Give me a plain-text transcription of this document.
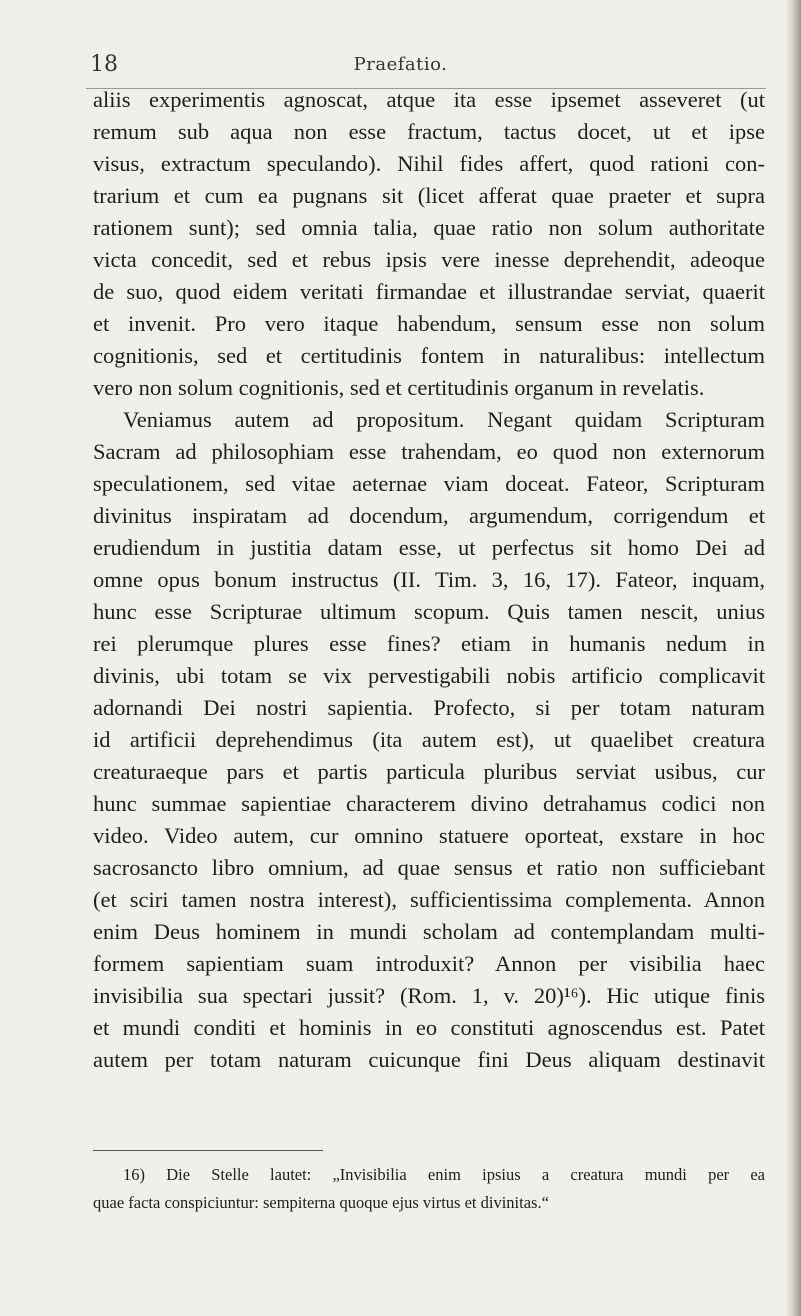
18	Praefatio.
aliis experimentis agnoscat, atque ita esse ipsemet asseveret (ut
remum sub aqua non esse fractum, tactus docet, ut et ipse
visus, extractum speculando). Nihil fides affert, quod rationi con-
trarium et cum ea pugnans sit (licet afferat quae praeter et supra
rationem sunt); sed omnia talia, quae ratio non solum authoritate
victa concedit, sed et rebus ipsis vere inesse deprehendit, adeoque
de suo, quod eidem veritati firmandae et illustrandae serviat, quaerit
et invenit. Pro vero itaque habendum, sensum esse non solum
cognitionis, sed et certitudinis fontem in naturalibus: intellectum
vero non solum cognitionis, sed et certitudinis organum in revelatis.
Veniamus autem ad propositum. Negant quidam Scripturam
Sacram ad philosophiam esse trahendam, eo quod non externorum
speculationem, sed vitae aeternae viam doceat. Fateor, Scripturam
divinitus inspiratam ad docendum, argumendum, corrigendum et
erudiendum in justitia datam esse, ut perfectus sit homo Dei ad
omne opus bonum instructus (II. Tim. 3, 16, 17). Fateor, inquam,
hunc esse Scripturae ultimum scopum. Quis tamen nescit, unius
rei plerumque plures esse fines? etiam in humanis nedum in
divinis, ubi totam se vix pervestigabili nobis artificio complicavit
adornandi Dei nostri sapientia. Profecto, si per totam naturam
id artificii deprehendimus (ita autem est), ut quaelibet creatura
creaturaeque pars et partis particula pluribus serviat usibus, cur
hunc summae sapientiae characterem divino detrahamus codici non
video. Video autem, cur omnino statuere oporteat, exstare in hoc
sacrosancto libro omnium, ad quae sensus et ratio non sufficiebant
(et sciri tamen nostra interest), sufficientissima complementa. Annon
enim Deus hominem in mundi scholam ad contemplandam multi-
formem sapientiam suam introduxit? Annon per visibilia haec
invisibilia sua spectari jussit? (Rom. 1, v. 20)¹⁶). Hic utique finis
et mundi conditi et hominis in eo constituti agnoscendus est. Patet
autem per totam naturam cuicunque fini Deus aliquam destinavit
16) Die Stelle lautet: „Invisibilia enim ipsius a creatura mundi per ea
quae facta conspiciuntur: sempiterna quoque ejus virtus et divinitas.“
